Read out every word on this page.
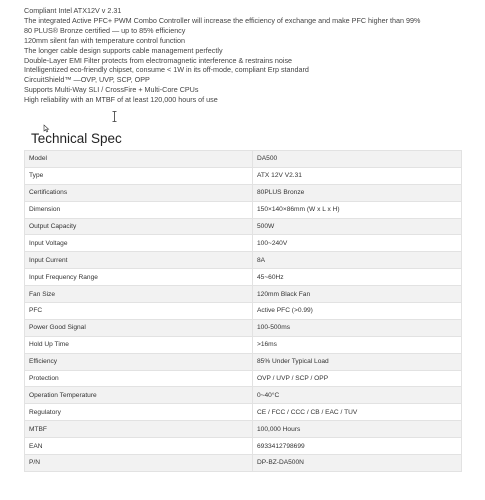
Compliant Intel ATX12V v 2.31
The integrated Active PFC+ PWM Combo Controller will increase the efficiency of exchange and make PFC higher than 99%
80 PLUS® Bronze certified — up to 85% efficiency
120mm silent fan with temperature control function
The longer cable design supports cable management perfectly
Double-Layer EMI Filter protects from electromagnetic interference & restrains noise
Intelligentized eco-friendly chipset, consume < 1W in its off-mode, compliant Erp standard
CircuitShield™ —OVP, UVP, SCP, OPP
Supports Multi-Way SLI / CrossFire + Multi-Core CPUs
High reliability with an MTBF of at least 120,000 hours of use
Technical Spec
Model	DA500
Type	ATX 12V V2.31
Certifications	80PLUS Bronze
Dimension	150×140×86mm (W x L x H)
Output Capacity	500W
Input Voltage	100~240V
Input Current	8A
Input Frequency Range	45~60Hz
Fan Size	120mm Black Fan
PFC	Active PFC (>0.99)
Power Good Signal	100-500ms
Hold Up Time	>16ms
Efficiency	85% Under Typical Load
Protection	OVP / UVP / SCP / OPP
Operation Temperature	0~40°C
Regulatory	CE / FCC / CCC / CB / EAC / TUV
MTBF	100,000 Hours
EAN	6933412798699
P/N	DP-BZ-DA500N
